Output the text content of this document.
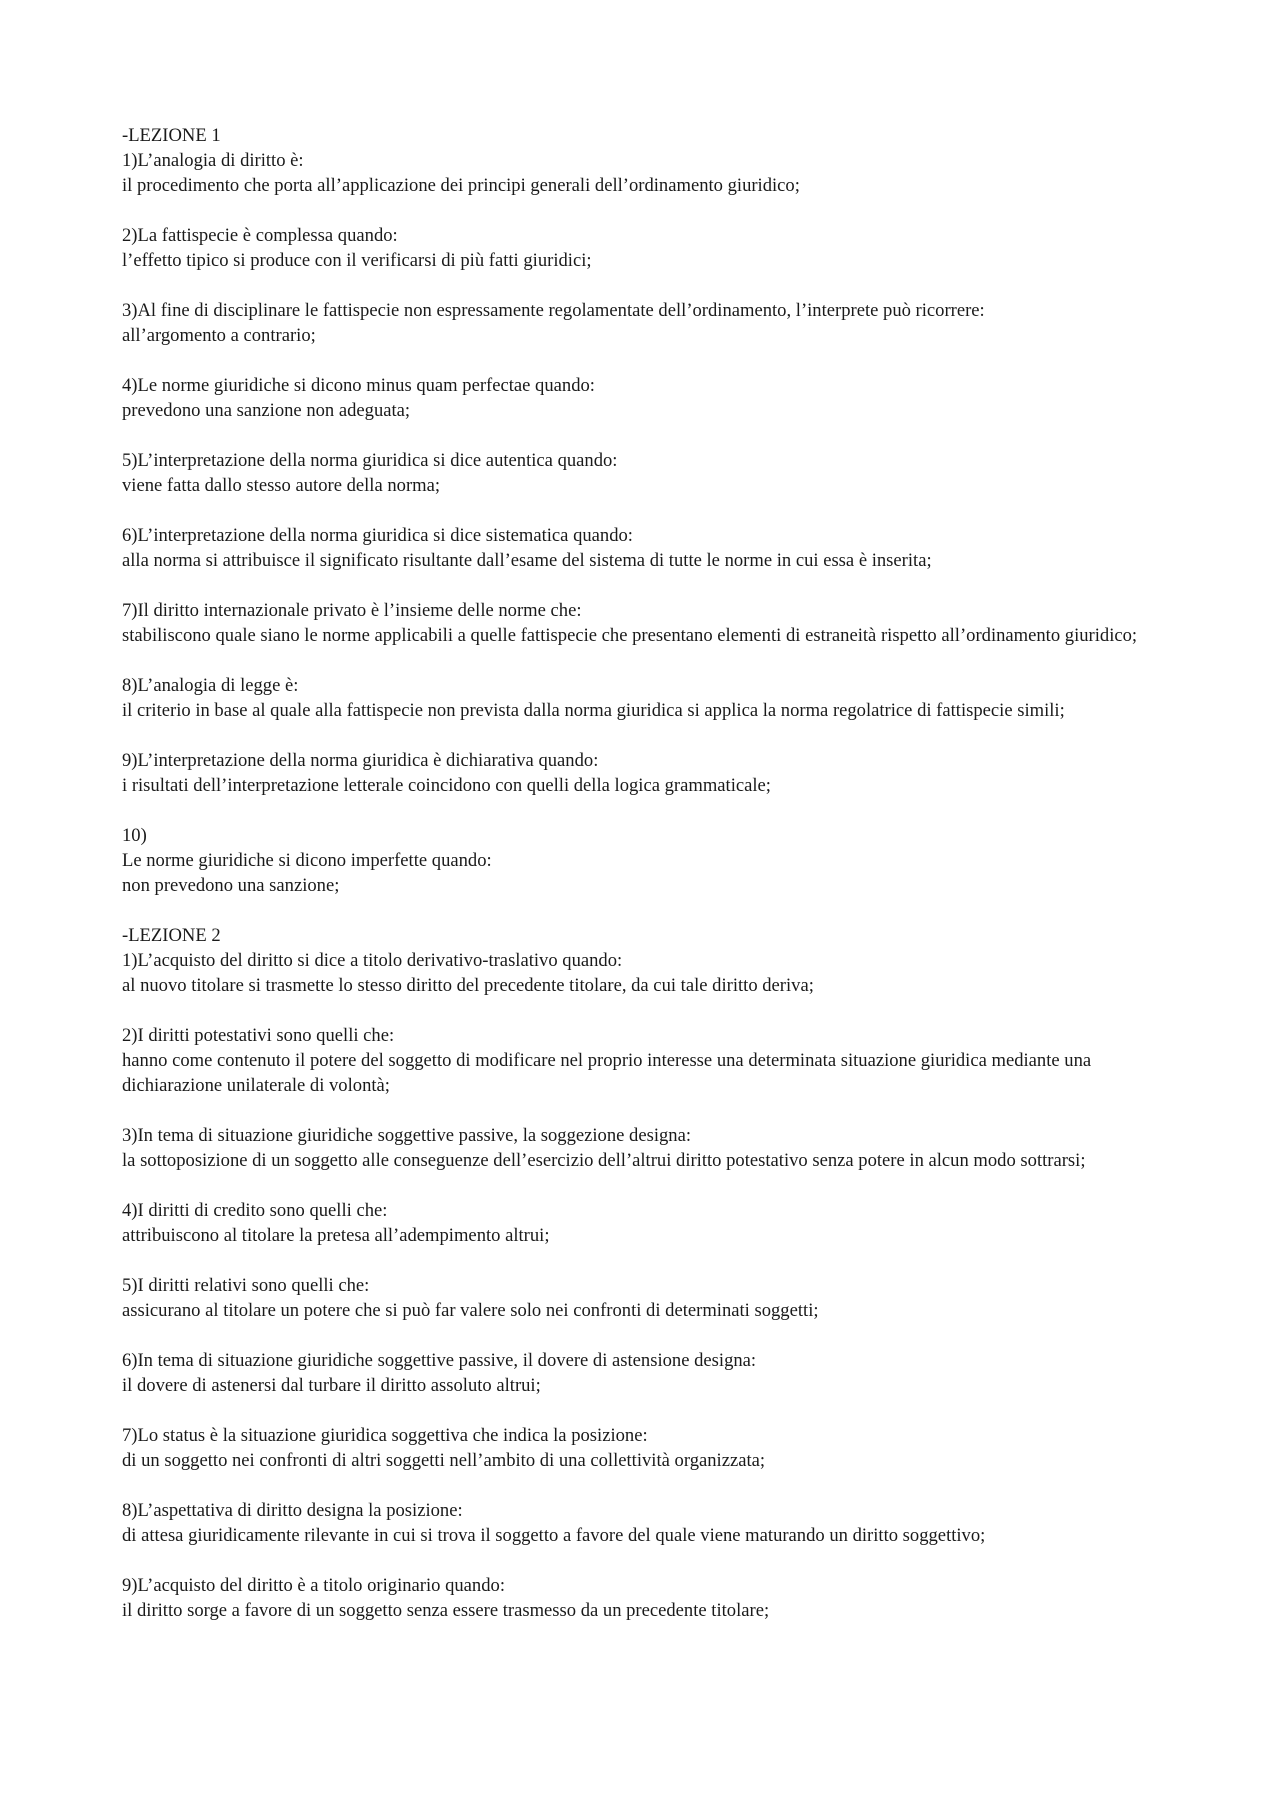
-LEZIONE 1

1)L’analogia di diritto è:

il procedimento che porta all’applicazione dei principi generali dell’ordinamento giuridico;

2)La fattispecie è complessa quando:

l’effetto tipico si produce con il verificarsi di più fatti giuridici;

3)Al fine di disciplinare le fattispecie non espressamente regolamentate dell’ordinamento, l’interprete può ricorrere:

all’argomento a contrario;

4)Le norme giuridiche si dicono minus quam perfectae quando:

prevedono una sanzione non adeguata;

5)L’interpretazione della norma giuridica si dice autentica quando:

viene fatta dallo stesso autore della norma;

6)L’interpretazione della norma giuridica si dice sistematica quando:

alla norma si attribuisce il significato risultante dall’esame del sistema di tutte le norme in cui essa è inserita;

7)Il diritto internazionale privato è l’insieme delle norme che:

stabiliscono quale siano le norme applicabili a quelle fattispecie che presentano elementi di estraneità rispetto all’ordinamento giuridico;

8)L’analogia di legge è:

il criterio in base al quale alla fattispecie non prevista dalla norma giuridica si applica la norma regolatrice di fattispecie simili;

9)L’interpretazione della norma giuridica è dichiarativa quando:

i risultati dell’interpretazione letterale coincidono con quelli della logica grammaticale;

10)

Le norme giuridiche si dicono imperfette quando:

non prevedono una sanzione;

-LEZIONE 2

1)L’acquisto del diritto si dice a titolo derivativo-traslativo quando:

al nuovo titolare si trasmette lo stesso diritto del precedente titolare, da cui tale diritto deriva;

2)I diritti potestativi sono quelli che:

hanno come contenuto il potere del soggetto di modificare nel proprio interesse una determinata situazione giuridica mediante una dichiarazione unilaterale di volontà;

3)In tema di situazione giuridiche soggettive passive, la soggezione designa:

la sottoposizione di un soggetto alle conseguenze dell’esercizio dell’altrui diritto potestativo senza potere in alcun modo sottrarsi;

4)I diritti di credito sono quelli che:

attribuiscono al titolare la pretesa all’adempimento altrui;

5)I diritti relativi sono quelli che:

assicurano al titolare un potere che si può far valere solo nei confronti di determinati soggetti;

6)In tema di situazione giuridiche soggettive passive, il dovere di astensione designa:

il dovere di astenersi dal turbare il diritto assoluto altrui;

7)Lo status è la situazione giuridica soggettiva che indica la posizione:

di un soggetto nei confronti di altri soggetti nell’ambito di una collettività organizzata;

8)L’aspettativa di diritto designa la posizione:

di attesa giuridicamente rilevante in cui si trova il soggetto a favore del quale viene maturando un diritto soggettivo;

9)L’acquisto del diritto è a titolo originario quando:

il diritto sorge a favore di un soggetto senza essere trasmesso da un precedente titolare;
